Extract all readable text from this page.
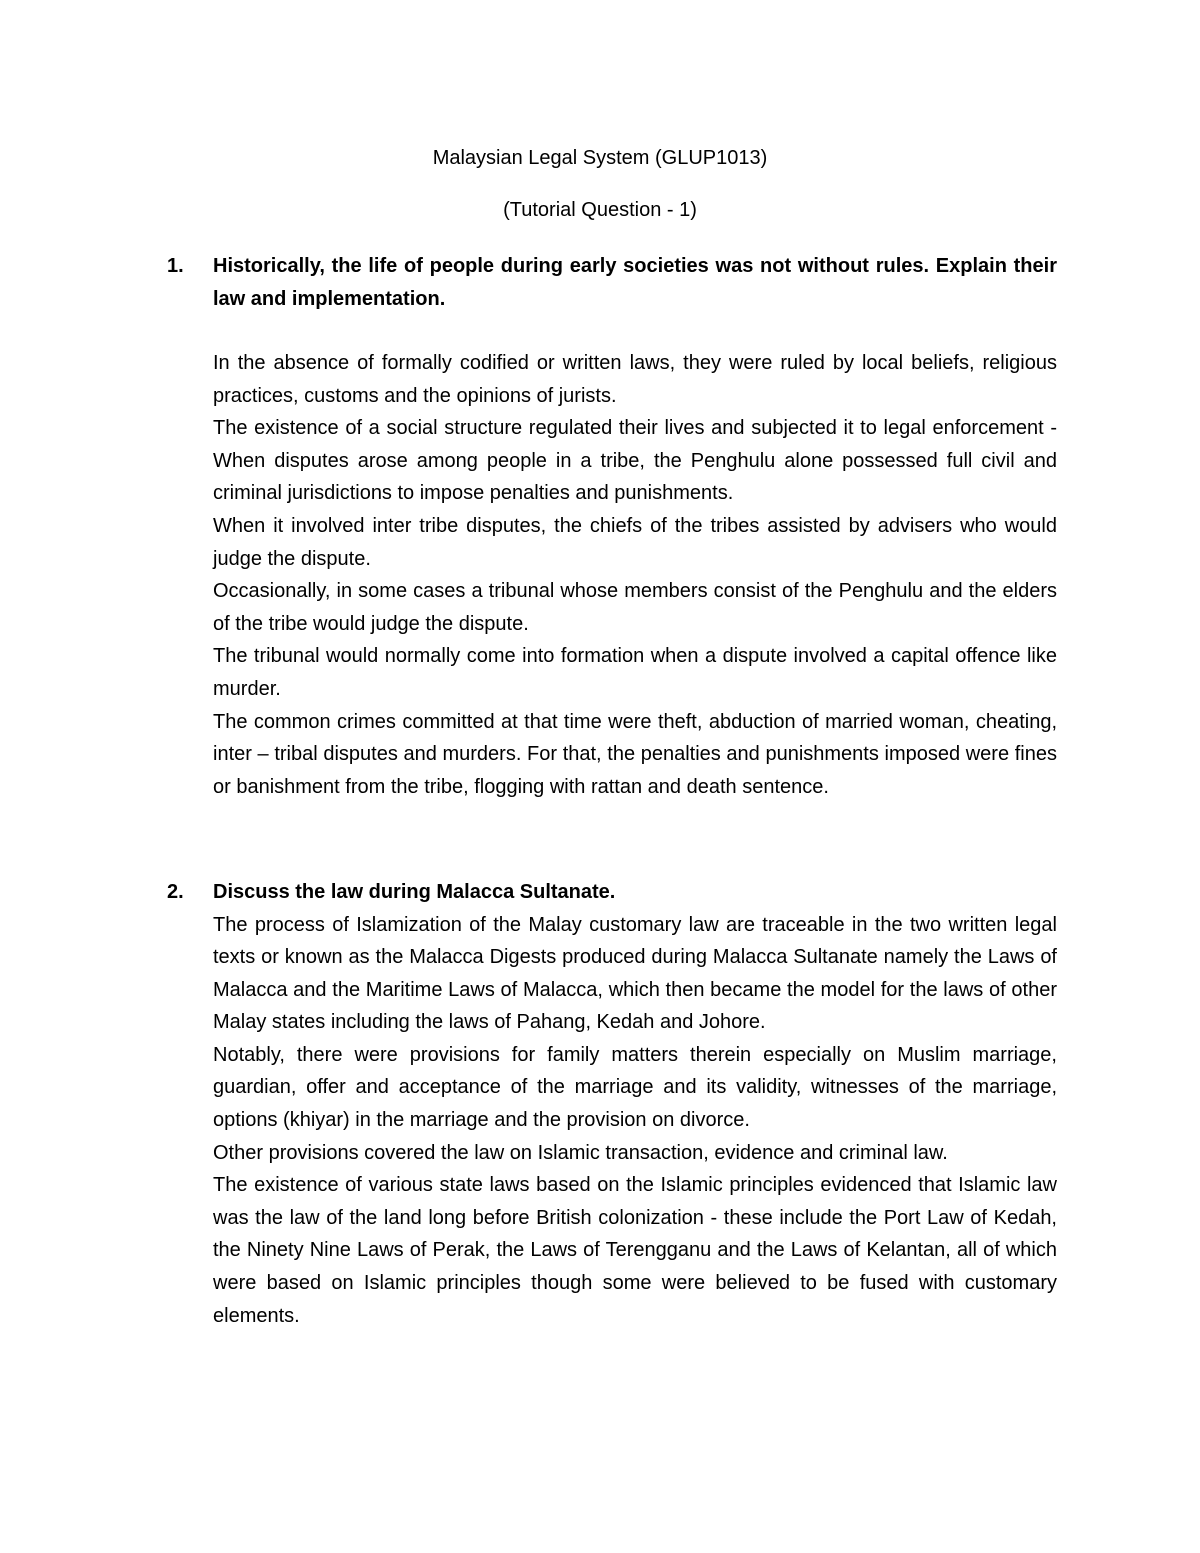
Malaysian Legal System (GLUP1013)
(Tutorial Question - 1)
1. Historically, the life of people during early societies was not without rules. Explain their law and implementation.

In the absence of formally codified or written laws, they were ruled by local beliefs, religious practices, customs and the opinions of jurists.

The existence of a social structure regulated their lives and subjected it to legal enforcement - When disputes arose among people in a tribe, the Penghulu alone possessed full civil and criminal jurisdictions to impose penalties and punishments.

When it involved inter tribe disputes, the chiefs of the tribes assisted by advisers who would judge the dispute.

Occasionally, in some cases a tribunal whose members consist of the Penghulu and the elders of the tribe would judge the dispute.

The tribunal would normally come into formation when a dispute involved a capital offence like murder.

The common crimes committed at that time were theft, abduction of married woman, cheating, inter – tribal disputes and murders. For that, the penalties and punishments imposed were fines or banishment from the tribe, flogging with rattan and death sentence.

2. Discuss the law during Malacca Sultanate.

The process of Islamization of the Malay customary law are traceable in the two written legal texts or known as the Malacca Digests produced during Malacca Sultanate namely the Laws of Malacca and the Maritime Laws of Malacca, which then became the model for the laws of other Malay states including the laws of Pahang, Kedah and Johore.

Notably, there were provisions for family matters therein especially on Muslim marriage, guardian, offer and acceptance of the marriage and its validity, witnesses of the marriage, options (khiyar) in the marriage and the provision on divorce.

Other provisions covered the law on Islamic transaction, evidence and criminal law.

The existence of various state laws based on the Islamic principles evidenced that Islamic law was the law of the land long before British colonization - these include the Port Law of Kedah, the Ninety Nine Laws of Perak, the Laws of Terengganu and the Laws of Kelantan, all of which were based on Islamic principles though some were believed to be fused with customary elements.
